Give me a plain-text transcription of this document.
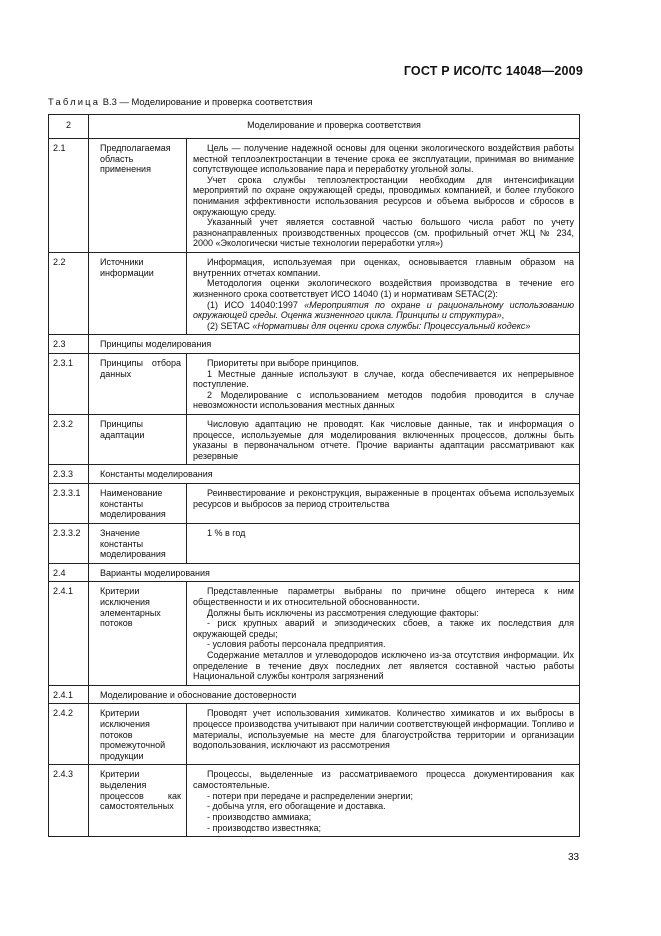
ГОСТ Р ИСО/ТС 14048—2009
Таблица В.3 — Моделирование и проверка соответствия
2	Моделирование и проверка соответствия	
2.1	Предполагаемая область применения	Цель — получение надежной основы для оценки экологического воздействия работы местной теплоэлектростанции в течение срока ее эксплуатации, принимая во внимание сопутствующее использование пара и переработку угольной золы.

Учет срока службы теплоэлектростанции необходим для интенсификации мероприятий по охране окружающей среды, проводимых компанией, и более глубокого понимания эффективности использования ресурсов и объема выбросов и сбросов в окружающую среду.

Указанный учет является составной частью большого числа работ по учету разнонаправленных производственных процессов (см. профильный отчет ЖЦ № 234, 2000 «Экологически чистые технологии переработки угля»)

2.2	Источники информации	Информация, используемая при оценках, основывается главным образом на внутренних отчетах компании.

Методология оценки экологического воздействия производства в течение его жизненного срока соответствует ИСО 14040 (1) и нормативам SETAC(2):

(1) ИСО 14040:1997 «Мероприятия по охране и рациональному использованию окружающей среды. Оценка жизненного цикла. Принципы и структура»,

(2) SETAC «Нормативы для оценки срока службы: Процессуальный кодекс»

2.3	Принципы моделирования	
2.3.1	Принципы отбора данных	Приоритеты при выборе принципов.

1 Местные данные используют в случае, когда обеспечивается их непрерывное поступление.

2 Моделирование с использованием методов подобия проводится в случае невозможности использования местных данных

2.3.2	Принципы адаптации	Числовую адаптацию не проводят. Как числовые данные, так и информация о процессе, используемые для моделирования включенных процессов, должны быть указаны в первоначальном отчете. Прочие варианты адаптации рассматривают как резервные

2.3.3	Константы моделирования	
2.3.3.1	Наименование константы моделирования	Реинвестирование и реконструкция, выраженные в процентах объема используемых ресурсов и выбросов за период строительства

2.3.3.2	Значение константы моделирования	1 % в год

2.4	Варианты моделирования	
2.4.1	Критерии исключения элементарных потоков	Представленные параметры выбраны по причине общего интереса к ним общественности и их относительной обоснованности.

Должны быть исключены из рассмотрения следующие факторы:

- риск крупных аварий и эпизодических сбоев, а также их последствия для окружающей среды;

- условия работы персонала предприятия.

Содержание металлов и углеводородов исключено из-за отсутствия информации. Их определение в течение двух последних лет является составной частью работы Национальной службы контроля загрязнений

2.4.1	Моделирование и обоснование достоверности	
2.4.2	Критерии исключения потоков промежуточной продукции	Проводят учет использования химикатов. Количество химикатов и их выбросы в процессе производства учитывают при наличии соответствующей информации. Топливо и материалы, используемые на месте для благоустройства территории и организации водопользования, исключают из рассмотрения

2.4.3	Критерии выделения процессов как самостоятельных	Процессы, выделенные из рассматриваемого процесса документирования как самостоятельные.

- потери при передаче и распределении энергии;

- добыча угля, его обогащение и доставка.

- производство аммиака;

- производство известняка;

33
